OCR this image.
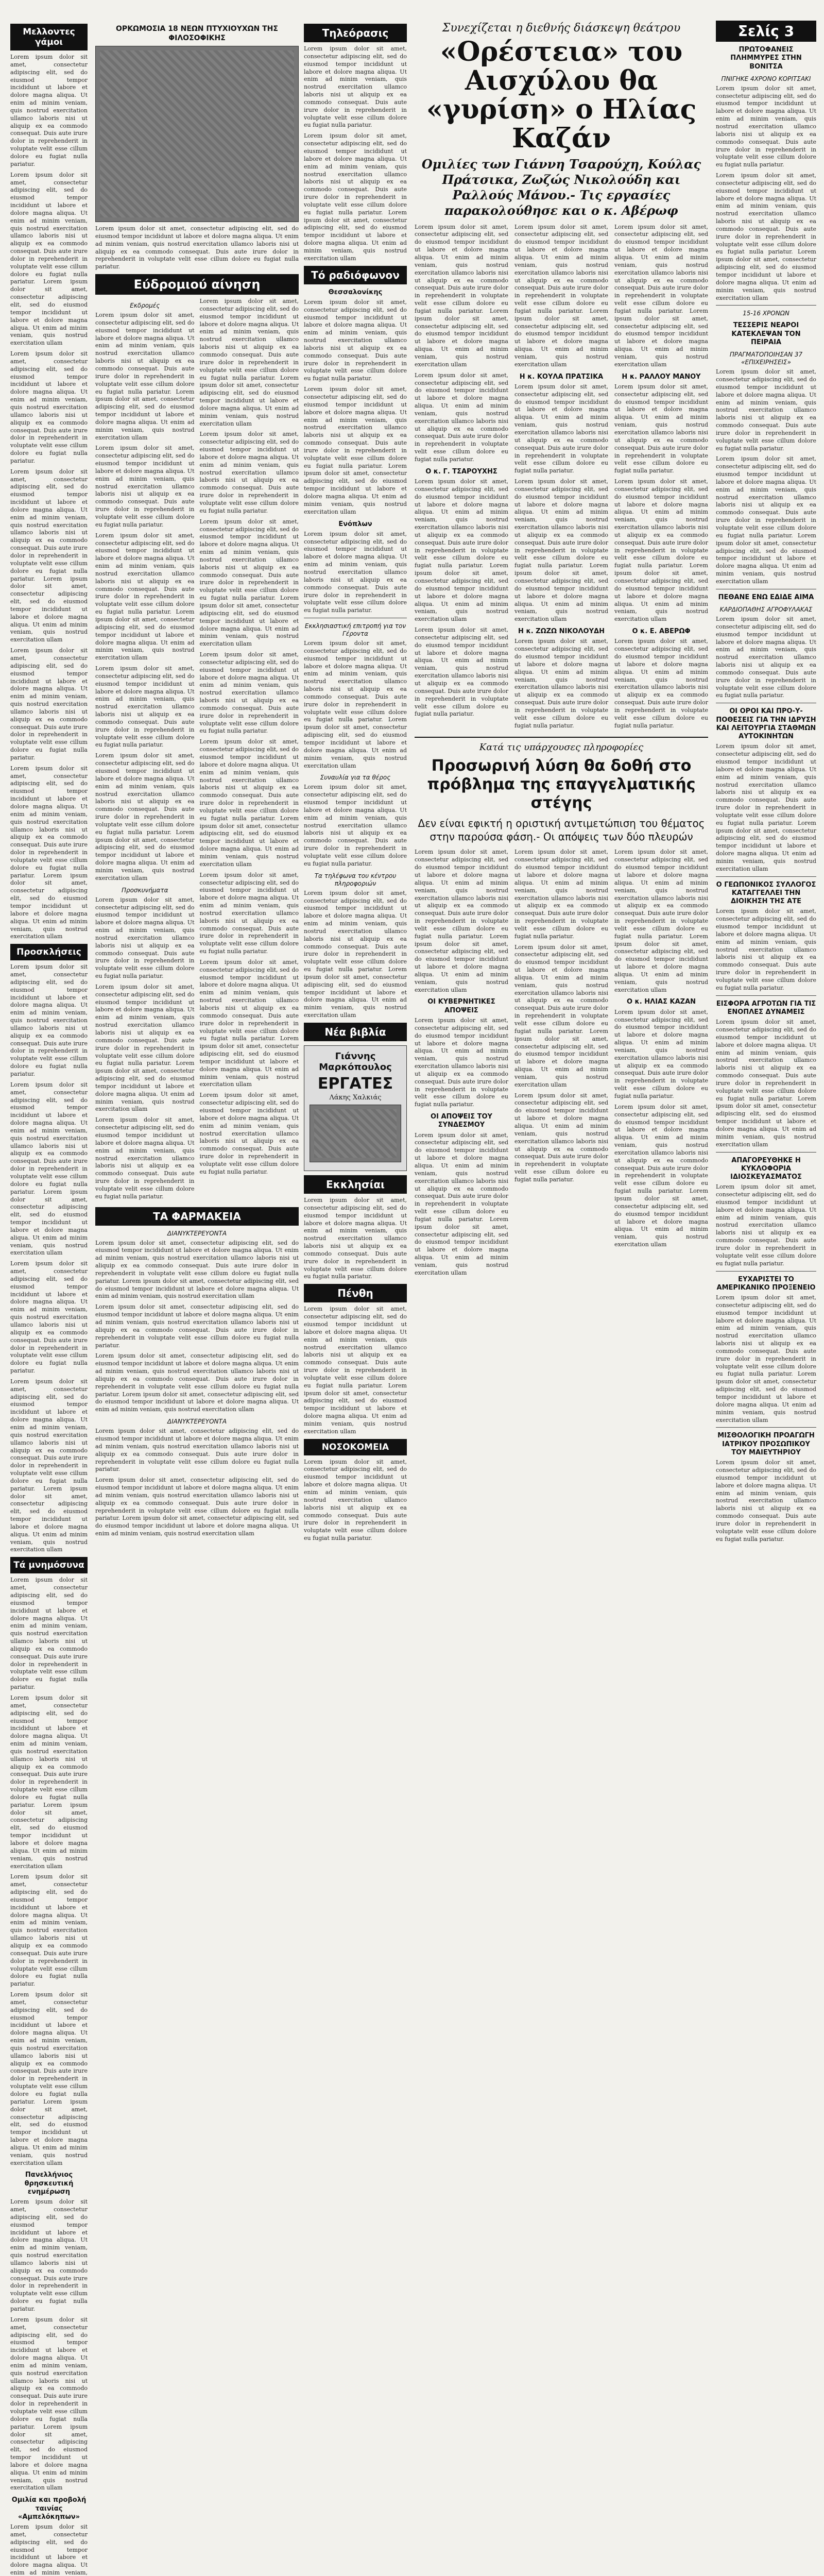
Μελλοντες γάμοι

Lorem ipsum dolor sit amet, consectetur adipiscing elit, sed do eiusmod tempor incididunt ut labore et dolore magna aliqua. Ut enim ad minim veniam, quis nostrud exercitation ullamco laboris nisi ut aliquip ex ea commodo consequat. Duis aute irure dolor in reprehenderit in voluptate velit esse cillum dolore eu fugiat nulla pariatur.

Lorem ipsum dolor sit amet, consectetur adipiscing elit, sed do eiusmod tempor incididunt ut labore et dolore magna aliqua. Ut enim ad minim veniam, quis nostrud exercitation ullamco laboris nisi ut aliquip ex ea commodo consequat. Duis aute irure dolor in reprehenderit in voluptate velit esse cillum dolore eu fugiat nulla pariatur. Lorem ipsum dolor sit amet, consectetur adipiscing elit, sed do eiusmod tempor incididunt ut labore et dolore magna aliqua. Ut enim ad minim veniam, quis nostrud exercitation ullam

Lorem ipsum dolor sit amet, consectetur adipiscing elit, sed do eiusmod tempor incididunt ut labore et dolore magna aliqua. Ut enim ad minim veniam, quis nostrud exercitation ullamco laboris nisi ut aliquip ex ea commodo consequat. Duis aute irure dolor in reprehenderit in voluptate velit esse cillum dolore eu fugiat nulla pariatur.

Lorem ipsum dolor sit amet, consectetur adipiscing elit, sed do eiusmod tempor incididunt ut labore et dolore magna aliqua. Ut enim ad minim veniam, quis nostrud exercitation ullamco laboris nisi ut aliquip ex ea commodo consequat. Duis aute irure dolor in reprehenderit in voluptate velit esse cillum dolore eu fugiat nulla pariatur. Lorem ipsum dolor sit amet, consectetur adipiscing elit, sed do eiusmod tempor incididunt ut labore et dolore magna aliqua. Ut enim ad minim veniam, quis nostrud exercitation ullam

Lorem ipsum dolor sit amet, consectetur adipiscing elit, sed do eiusmod tempor incididunt ut labore et dolore magna aliqua. Ut enim ad minim veniam, quis nostrud exercitation ullamco laboris nisi ut aliquip ex ea commodo consequat. Duis aute irure dolor in reprehenderit in voluptate velit esse cillum dolore eu fugiat nulla pariatur.

Lorem ipsum dolor sit amet, consectetur adipiscing elit, sed do eiusmod tempor incididunt ut labore et dolore magna aliqua. Ut enim ad minim veniam, quis nostrud exercitation ullamco laboris nisi ut aliquip ex ea commodo consequat. Duis aute irure dolor in reprehenderit in voluptate velit esse cillum dolore eu fugiat nulla pariatur. Lorem ipsum dolor sit amet, consectetur adipiscing elit, sed do eiusmod tempor incididunt ut labore et dolore magna aliqua. Ut enim ad minim veniam, quis nostrud exercitation ullam

Προσκλήσεις

Lorem ipsum dolor sit amet, consectetur adipiscing elit, sed do eiusmod tempor incididunt ut labore et dolore magna aliqua. Ut enim ad minim veniam, quis nostrud exercitation ullamco laboris nisi ut aliquip ex ea commodo consequat. Duis aute irure dolor in reprehenderit in voluptate velit esse cillum dolore eu fugiat nulla pariatur.

Lorem ipsum dolor sit amet, consectetur adipiscing elit, sed do eiusmod tempor incididunt ut labore et dolore magna aliqua. Ut enim ad minim veniam, quis nostrud exercitation ullamco laboris nisi ut aliquip ex ea commodo consequat. Duis aute irure dolor in reprehenderit in voluptate velit esse cillum dolore eu fugiat nulla pariatur. Lorem ipsum dolor sit amet, consectetur adipiscing elit, sed do eiusmod tempor incididunt ut labore et dolore magna aliqua. Ut enim ad minim veniam, quis nostrud exercitation ullam

Lorem ipsum dolor sit amet, consectetur adipiscing elit, sed do eiusmod tempor incididunt ut labore et dolore magna aliqua. Ut enim ad minim veniam, quis nostrud exercitation ullamco laboris nisi ut aliquip ex ea commodo consequat. Duis aute irure dolor in reprehenderit in voluptate velit esse cillum dolore eu fugiat nulla pariatur.

Lorem ipsum dolor sit amet, consectetur adipiscing elit, sed do eiusmod tempor incididunt ut labore et dolore magna aliqua. Ut enim ad minim veniam, quis nostrud exercitation ullamco laboris nisi ut aliquip ex ea commodo consequat. Duis aute irure dolor in reprehenderit in voluptate velit esse cillum dolore eu fugiat nulla pariatur. Lorem ipsum dolor sit amet, consectetur adipiscing elit, sed do eiusmod tempor incididunt ut labore et dolore magna aliqua. Ut enim ad minim veniam, quis nostrud exercitation ullam

Τά μνημόσυνα

Lorem ipsum dolor sit amet, consectetur adipiscing elit, sed do eiusmod tempor incididunt ut labore et dolore magna aliqua. Ut enim ad minim veniam, quis nostrud exercitation ullamco laboris nisi ut aliquip ex ea commodo consequat. Duis aute irure dolor in reprehenderit in voluptate velit esse cillum dolore eu fugiat nulla pariatur.

Lorem ipsum dolor sit amet, consectetur adipiscing elit, sed do eiusmod tempor incididunt ut labore et dolore magna aliqua. Ut enim ad minim veniam, quis nostrud exercitation ullamco laboris nisi ut aliquip ex ea commodo consequat. Duis aute irure dolor in reprehenderit in voluptate velit esse cillum dolore eu fugiat nulla pariatur. Lorem ipsum dolor sit amet, consectetur adipiscing elit, sed do eiusmod tempor incididunt ut labore et dolore magna aliqua. Ut enim ad minim veniam, quis nostrud exercitation ullam

Lorem ipsum dolor sit amet, consectetur adipiscing elit, sed do eiusmod tempor incididunt ut labore et dolore magna aliqua. Ut enim ad minim veniam, quis nostrud exercitation ullamco laboris nisi ut aliquip ex ea commodo consequat. Duis aute irure dolor in reprehenderit in voluptate velit esse cillum dolore eu fugiat nulla pariatur.

Lorem ipsum dolor sit amet, consectetur adipiscing elit, sed do eiusmod tempor incididunt ut labore et dolore magna aliqua. Ut enim ad minim veniam, quis nostrud exercitation ullamco laboris nisi ut aliquip ex ea commodo consequat. Duis aute irure dolor in reprehenderit in voluptate velit esse cillum dolore eu fugiat nulla pariatur. Lorem ipsum dolor sit amet, consectetur adipiscing elit, sed do eiusmod tempor incididunt ut labore et dolore magna aliqua. Ut enim ad minim veniam, quis nostrud exercitation ullam

Πανελλήνιος θρησκευτική ενημέρωση

Lorem ipsum dolor sit amet, consectetur adipiscing elit, sed do eiusmod tempor incididunt ut labore et dolore magna aliqua. Ut enim ad minim veniam, quis nostrud exercitation ullamco laboris nisi ut aliquip ex ea commodo consequat. Duis aute irure dolor in reprehenderit in voluptate velit esse cillum dolore eu fugiat nulla pariatur.

Lorem ipsum dolor sit amet, consectetur adipiscing elit, sed do eiusmod tempor incididunt ut labore et dolore magna aliqua. Ut enim ad minim veniam, quis nostrud exercitation ullamco laboris nisi ut aliquip ex ea commodo consequat. Duis aute irure dolor in reprehenderit in voluptate velit esse cillum dolore eu fugiat nulla pariatur. Lorem ipsum dolor sit amet, consectetur adipiscing elit, sed do eiusmod tempor incididunt ut labore et dolore magna aliqua. Ut enim ad minim veniam, quis nostrud exercitation ullam

Ομιλία και προβολή ταινίας «Αμπελόκηπων»

Lorem ipsum dolor sit amet, consectetur adipiscing elit, sed do eiusmod tempor incididunt ut labore et dolore magna aliqua. Ut enim ad minim veniam,

ΟΡΚΩΜΟΣΙΑ 18 ΝΕΩΝ ΠΤΥΧΙΟΥΧΩΝ ΤΗΣ ΦΙΛΟΣΟΦΙΚΗΣ

Lorem ipsum dolor sit amet, consectetur adipiscing elit, sed do eiusmod tempor incididunt ut labore et dolore magna aliqua. Ut enim ad minim veniam, quis nostrud exercitation ullamco laboris nisi ut aliquip ex ea commodo consequat. Duis aute irure dolor in reprehenderit in voluptate velit esse cillum dolore eu fugiat nulla pariatur.

Εύδρομιού αίνηση
Εκδρομές

Lorem ipsum dolor sit amet, consectetur adipiscing elit, sed do eiusmod tempor incididunt ut labore et dolore magna aliqua. Ut enim ad minim veniam, quis nostrud exercitation ullamco laboris nisi ut aliquip ex ea commodo consequat. Duis aute irure dolor in reprehenderit in voluptate velit esse cillum dolore eu fugiat nulla pariatur. Lorem ipsum dolor sit amet, consectetur adipiscing elit, sed do eiusmod tempor incididunt ut labore et dolore magna aliqua. Ut enim ad minim veniam, quis nostrud exercitation ullam

Lorem ipsum dolor sit amet, consectetur adipiscing elit, sed do eiusmod tempor incididunt ut labore et dolore magna aliqua. Ut enim ad minim veniam, quis nostrud exercitation ullamco laboris nisi ut aliquip ex ea commodo consequat. Duis aute irure dolor in reprehenderit in voluptate velit esse cillum dolore eu fugiat nulla pariatur.

Lorem ipsum dolor sit amet, consectetur adipiscing elit, sed do eiusmod tempor incididunt ut labore et dolore magna aliqua. Ut enim ad minim veniam, quis nostrud exercitation ullamco laboris nisi ut aliquip ex ea commodo consequat. Duis aute irure dolor in reprehenderit in voluptate velit esse cillum dolore eu fugiat nulla pariatur. Lorem ipsum dolor sit amet, consectetur adipiscing elit, sed do eiusmod tempor incididunt ut labore et dolore magna aliqua. Ut enim ad minim veniam, quis nostrud exercitation ullam

Lorem ipsum dolor sit amet, consectetur adipiscing elit, sed do eiusmod tempor incididunt ut labore et dolore magna aliqua. Ut enim ad minim veniam, quis nostrud exercitation ullamco laboris nisi ut aliquip ex ea commodo consequat. Duis aute irure dolor in reprehenderit in voluptate velit esse cillum dolore eu fugiat nulla pariatur.

Lorem ipsum dolor sit amet, consectetur adipiscing elit, sed do eiusmod tempor incididunt ut labore et dolore magna aliqua. Ut enim ad minim veniam, quis nostrud exercitation ullamco laboris nisi ut aliquip ex ea commodo consequat. Duis aute irure dolor in reprehenderit in voluptate velit esse cillum dolore eu fugiat nulla pariatur. Lorem ipsum dolor sit amet, consectetur adipiscing elit, sed do eiusmod tempor incididunt ut labore et dolore magna aliqua. Ut enim ad minim veniam, quis nostrud exercitation ullam

Προσκυνήματα

Lorem ipsum dolor sit amet, consectetur adipiscing elit, sed do eiusmod tempor incididunt ut labore et dolore magna aliqua. Ut enim ad minim veniam, quis nostrud exercitation ullamco laboris nisi ut aliquip ex ea commodo consequat. Duis aute irure dolor in reprehenderit in voluptate velit esse cillum dolore eu fugiat nulla pariatur.

Lorem ipsum dolor sit amet, consectetur adipiscing elit, sed do eiusmod tempor incididunt ut labore et dolore magna aliqua. Ut enim ad minim veniam, quis nostrud exercitation ullamco laboris nisi ut aliquip ex ea commodo consequat. Duis aute irure dolor in reprehenderit in voluptate velit esse cillum dolore eu fugiat nulla pariatur. Lorem ipsum dolor sit amet, consectetur adipiscing elit, sed do eiusmod tempor incididunt ut labore et dolore magna aliqua. Ut enim ad minim veniam, quis nostrud exercitation ullam

Lorem ipsum dolor sit amet, consectetur adipiscing elit, sed do eiusmod tempor incididunt ut labore et dolore magna aliqua. Ut enim ad minim veniam, quis nostrud exercitation ullamco laboris nisi ut aliquip ex ea commodo consequat. Duis aute irure dolor in reprehenderit in voluptate velit esse cillum dolore eu fugiat nulla pariatur.

Lorem ipsum dolor sit amet, consectetur adipiscing elit, sed do eiusmod tempor incididunt ut labore et dolore magna aliqua. Ut enim ad minim veniam, quis nostrud exercitation ullamco laboris nisi ut aliquip ex ea commodo consequat. Duis aute irure dolor in reprehenderit in voluptate velit esse cillum dolore eu fugiat nulla pariatur. Lorem ipsum dolor sit amet, consectetur adipiscing elit, sed do eiusmod tempor incididunt ut labore et dolore magna aliqua. Ut enim ad minim veniam, quis nostrud exercitation ullam

Lorem ipsum dolor sit amet, consectetur adipiscing elit, sed do eiusmod tempor incididunt ut labore et dolore magna aliqua. Ut enim ad minim veniam, quis nostrud exercitation ullamco laboris nisi ut aliquip ex ea commodo consequat. Duis aute irure dolor in reprehenderit in voluptate velit esse cillum dolore eu fugiat nulla pariatur.

Lorem ipsum dolor sit amet, consectetur adipiscing elit, sed do eiusmod tempor incididunt ut labore et dolore magna aliqua. Ut enim ad minim veniam, quis nostrud exercitation ullamco laboris nisi ut aliquip ex ea commodo consequat. Duis aute irure dolor in reprehenderit in voluptate velit esse cillum dolore eu fugiat nulla pariatur. Lorem ipsum dolor sit amet, consectetur adipiscing elit, sed do eiusmod tempor incididunt ut labore et dolore magna aliqua. Ut enim ad minim veniam, quis nostrud exercitation ullam

Lorem ipsum dolor sit amet, consectetur adipiscing elit, sed do eiusmod tempor incididunt ut labore et dolore magna aliqua. Ut enim ad minim veniam, quis nostrud exercitation ullamco laboris nisi ut aliquip ex ea commodo consequat. Duis aute irure dolor in reprehenderit in voluptate velit esse cillum dolore eu fugiat nulla pariatur.

Lorem ipsum dolor sit amet, consectetur adipiscing elit, sed do eiusmod tempor incididunt ut labore et dolore magna aliqua. Ut enim ad minim veniam, quis nostrud exercitation ullamco laboris nisi ut aliquip ex ea commodo consequat. Duis aute irure dolor in reprehenderit in voluptate velit esse cillum dolore eu fugiat nulla pariatur. Lorem ipsum dolor sit amet, consectetur adipiscing elit, sed do eiusmod tempor incididunt ut labore et dolore magna aliqua. Ut enim ad minim veniam, quis nostrud exercitation ullam

Lorem ipsum dolor sit amet, consectetur adipiscing elit, sed do eiusmod tempor incididunt ut labore et dolore magna aliqua. Ut enim ad minim veniam, quis nostrud exercitation ullamco laboris nisi ut aliquip ex ea commodo consequat. Duis aute irure dolor in reprehenderit in voluptate velit esse cillum dolore eu fugiat nulla pariatur.

Lorem ipsum dolor sit amet, consectetur adipiscing elit, sed do eiusmod tempor incididunt ut labore et dolore magna aliqua. Ut enim ad minim veniam, quis nostrud exercitation ullamco laboris nisi ut aliquip ex ea commodo consequat. Duis aute irure dolor in reprehenderit in voluptate velit esse cillum dolore eu fugiat nulla pariatur. Lorem ipsum dolor sit amet, consectetur adipiscing elit, sed do eiusmod tempor incididunt ut labore et dolore magna aliqua. Ut enim ad minim veniam, quis nostrud exercitation ullam

Lorem ipsum dolor sit amet, consectetur adipiscing elit, sed do eiusmod tempor incididunt ut labore et dolore magna aliqua. Ut enim ad minim veniam, quis nostrud exercitation ullamco laboris nisi ut aliquip ex ea commodo consequat. Duis aute irure dolor in reprehenderit in voluptate velit esse cillum dolore eu fugiat nulla pariatur.

ΤΑ ΦΑΡΜΑΚΕΙΑ
ΔΙΑΝΥΚΤΕΡΕΥΟΝΤΑ

Lorem ipsum dolor sit amet, consectetur adipiscing elit, sed do eiusmod tempor incididunt ut labore et dolore magna aliqua. Ut enim ad minim veniam, quis nostrud exercitation ullamco laboris nisi ut aliquip ex ea commodo consequat. Duis aute irure dolor in reprehenderit in voluptate velit esse cillum dolore eu fugiat nulla pariatur. Lorem ipsum dolor sit amet, consectetur adipiscing elit, sed do eiusmod tempor incididunt ut labore et dolore magna aliqua. Ut enim ad minim veniam, quis nostrud exercitation ullam

Lorem ipsum dolor sit amet, consectetur adipiscing elit, sed do eiusmod tempor incididunt ut labore et dolore magna aliqua. Ut enim ad minim veniam, quis nostrud exercitation ullamco laboris nisi ut aliquip ex ea commodo consequat. Duis aute irure dolor in reprehenderit in voluptate velit esse cillum dolore eu fugiat nulla pariatur.

Lorem ipsum dolor sit amet, consectetur adipiscing elit, sed do eiusmod tempor incididunt ut labore et dolore magna aliqua. Ut enim ad minim veniam, quis nostrud exercitation ullamco laboris nisi ut aliquip ex ea commodo consequat. Duis aute irure dolor in reprehenderit in voluptate velit esse cillum dolore eu fugiat nulla pariatur. Lorem ipsum dolor sit amet, consectetur adipiscing elit, sed do eiusmod tempor incididunt ut labore et dolore magna aliqua. Ut enim ad minim veniam, quis nostrud exercitation ullam

ΔΙΑΝΥΚΤΕΡΕΥΟΝΤΑ

Lorem ipsum dolor sit amet, consectetur adipiscing elit, sed do eiusmod tempor incididunt ut labore et dolore magna aliqua. Ut enim ad minim veniam, quis nostrud exercitation ullamco laboris nisi ut aliquip ex ea commodo consequat. Duis aute irure dolor in reprehenderit in voluptate velit esse cillum dolore eu fugiat nulla pariatur.

Lorem ipsum dolor sit amet, consectetur adipiscing elit, sed do eiusmod tempor incididunt ut labore et dolore magna aliqua. Ut enim ad minim veniam, quis nostrud exercitation ullamco laboris nisi ut aliquip ex ea commodo consequat. Duis aute irure dolor in reprehenderit in voluptate velit esse cillum dolore eu fugiat nulla pariatur. Lorem ipsum dolor sit amet, consectetur adipiscing elit, sed do eiusmod tempor incididunt ut labore et dolore magna aliqua. Ut enim ad minim veniam, quis nostrud exercitation ullam

Τηλεόρασις

Lorem ipsum dolor sit amet, consectetur adipiscing elit, sed do eiusmod tempor incididunt ut labore et dolore magna aliqua. Ut enim ad minim veniam, quis nostrud exercitation ullamco laboris nisi ut aliquip ex ea commodo consequat. Duis aute irure dolor in reprehenderit in voluptate velit esse cillum dolore eu fugiat nulla pariatur.

Lorem ipsum dolor sit amet, consectetur adipiscing elit, sed do eiusmod tempor incididunt ut labore et dolore magna aliqua. Ut enim ad minim veniam, quis nostrud exercitation ullamco laboris nisi ut aliquip ex ea commodo consequat. Duis aute irure dolor in reprehenderit in voluptate velit esse cillum dolore eu fugiat nulla pariatur. Lorem ipsum dolor sit amet, consectetur adipiscing elit, sed do eiusmod tempor incididunt ut labore et dolore magna aliqua. Ut enim ad minim veniam, quis nostrud exercitation ullam

Τό ραδιόφωνον
Θεσσαλονίκης

Lorem ipsum dolor sit amet, consectetur adipiscing elit, sed do eiusmod tempor incididunt ut labore et dolore magna aliqua. Ut enim ad minim veniam, quis nostrud exercitation ullamco laboris nisi ut aliquip ex ea commodo consequat. Duis aute irure dolor in reprehenderit in voluptate velit esse cillum dolore eu fugiat nulla pariatur.

Lorem ipsum dolor sit amet, consectetur adipiscing elit, sed do eiusmod tempor incididunt ut labore et dolore magna aliqua. Ut enim ad minim veniam, quis nostrud exercitation ullamco laboris nisi ut aliquip ex ea commodo consequat. Duis aute irure dolor in reprehenderit in voluptate velit esse cillum dolore eu fugiat nulla pariatur. Lorem ipsum dolor sit amet, consectetur adipiscing elit, sed do eiusmod tempor incididunt ut labore et dolore magna aliqua. Ut enim ad minim veniam, quis nostrud exercitation ullam

Ενόπλων

Lorem ipsum dolor sit amet, consectetur adipiscing elit, sed do eiusmod tempor incididunt ut labore et dolore magna aliqua. Ut enim ad minim veniam, quis nostrud exercitation ullamco laboris nisi ut aliquip ex ea commodo consequat. Duis aute irure dolor in reprehenderit in voluptate velit esse cillum dolore eu fugiat nulla pariatur.

Εκκλησιαστική επιτροπή για τον Γέροντα

Lorem ipsum dolor sit amet, consectetur adipiscing elit, sed do eiusmod tempor incididunt ut labore et dolore magna aliqua. Ut enim ad minim veniam, quis nostrud exercitation ullamco laboris nisi ut aliquip ex ea commodo consequat. Duis aute irure dolor in reprehenderit in voluptate velit esse cillum dolore eu fugiat nulla pariatur. Lorem ipsum dolor sit amet, consectetur adipiscing elit, sed do eiusmod tempor incididunt ut labore et dolore magna aliqua. Ut enim ad minim veniam, quis nostrud exercitation ullam

Συναυλία για τα θέρος

Lorem ipsum dolor sit amet, consectetur adipiscing elit, sed do eiusmod tempor incididunt ut labore et dolore magna aliqua. Ut enim ad minim veniam, quis nostrud exercitation ullamco laboris nisi ut aliquip ex ea commodo consequat. Duis aute irure dolor in reprehenderit in voluptate velit esse cillum dolore eu fugiat nulla pariatur.

Τα τηλέφωνα του κέντρου πληροφοριών

Lorem ipsum dolor sit amet, consectetur adipiscing elit, sed do eiusmod tempor incididunt ut labore et dolore magna aliqua. Ut enim ad minim veniam, quis nostrud exercitation ullamco laboris nisi ut aliquip ex ea commodo consequat. Duis aute irure dolor in reprehenderit in voluptate velit esse cillum dolore eu fugiat nulla pariatur. Lorem ipsum dolor sit amet, consectetur adipiscing elit, sed do eiusmod tempor incididunt ut labore et dolore magna aliqua. Ut enim ad minim veniam, quis nostrud exercitation ullam

Νέα βιβλία
Γιάννης Μαρκόπουλος
ΕΡΓΑΤΕΣ
Λάκης Χαλκιάς
Εκκλησίαι

Lorem ipsum dolor sit amet, consectetur adipiscing elit, sed do eiusmod tempor incididunt ut labore et dolore magna aliqua. Ut enim ad minim veniam, quis nostrud exercitation ullamco laboris nisi ut aliquip ex ea commodo consequat. Duis aute irure dolor in reprehenderit in voluptate velit esse cillum dolore eu fugiat nulla pariatur.

Πένθη

Lorem ipsum dolor sit amet, consectetur adipiscing elit, sed do eiusmod tempor incididunt ut labore et dolore magna aliqua. Ut enim ad minim veniam, quis nostrud exercitation ullamco laboris nisi ut aliquip ex ea commodo consequat. Duis aute irure dolor in reprehenderit in voluptate velit esse cillum dolore eu fugiat nulla pariatur. Lorem ipsum dolor sit amet, consectetur adipiscing elit, sed do eiusmod tempor incididunt ut labore et dolore magna aliqua. Ut enim ad minim veniam, quis nostrud exercitation ullam

ΝΟΣΟΚΟΜΕΙΑ

Lorem ipsum dolor sit amet, consectetur adipiscing elit, sed do eiusmod tempor incididunt ut labore et dolore magna aliqua. Ut enim ad minim veniam, quis nostrud exercitation ullamco laboris nisi ut aliquip ex ea commodo consequat. Duis aute irure dolor in reprehenderit in voluptate velit esse cillum dolore eu fugiat nulla pariatur.

Συνεχίζεται η διεθνής διάσκεψη θεάτρου
«Ορέστεια» του Αισχύλου θα «γυρίση» ο Ηλίας Καζάν
Ομιλίες των Γιάννη Τσαρούχη, Κούλας Πράτσικα, Ζωζώς Νικολούδη και Ραλλούς Μάνου.- Τις εργασίες παρακολούθησε και ο κ. Αβέρωφ

Lorem ipsum dolor sit amet, consectetur adipiscing elit, sed do eiusmod tempor incididunt ut labore et dolore magna aliqua. Ut enim ad minim veniam, quis nostrud exercitation ullamco laboris nisi ut aliquip ex ea commodo consequat. Duis aute irure dolor in reprehenderit in voluptate velit esse cillum dolore eu fugiat nulla pariatur. Lorem ipsum dolor sit amet, consectetur adipiscing elit, sed do eiusmod tempor incididunt ut labore et dolore magna aliqua. Ut enim ad minim veniam, quis nostrud exercitation ullam

Lorem ipsum dolor sit amet, consectetur adipiscing elit, sed do eiusmod tempor incididunt ut labore et dolore magna aliqua. Ut enim ad minim veniam, quis nostrud exercitation ullamco laboris nisi ut aliquip ex ea commodo consequat. Duis aute irure dolor in reprehenderit in voluptate velit esse cillum dolore eu fugiat nulla pariatur.

Ο κ. Γ. ΤΣΑΡΟΥΧΗΣ

Lorem ipsum dolor sit amet, consectetur adipiscing elit, sed do eiusmod tempor incididunt ut labore et dolore magna aliqua. Ut enim ad minim veniam, quis nostrud exercitation ullamco laboris nisi ut aliquip ex ea commodo consequat. Duis aute irure dolor in reprehenderit in voluptate velit esse cillum dolore eu fugiat nulla pariatur. Lorem ipsum dolor sit amet, consectetur adipiscing elit, sed do eiusmod tempor incididunt ut labore et dolore magna aliqua. Ut enim ad minim veniam, quis nostrud exercitation ullam

Lorem ipsum dolor sit amet, consectetur adipiscing elit, sed do eiusmod tempor incididunt ut labore et dolore magna aliqua. Ut enim ad minim veniam, quis nostrud exercitation ullamco laboris nisi ut aliquip ex ea commodo consequat. Duis aute irure dolor in reprehenderit in voluptate velit esse cillum dolore eu fugiat nulla pariatur.

Lorem ipsum dolor sit amet, consectetur adipiscing elit, sed do eiusmod tempor incididunt ut labore et dolore magna aliqua. Ut enim ad minim veniam, quis nostrud exercitation ullamco laboris nisi ut aliquip ex ea commodo consequat. Duis aute irure dolor in reprehenderit in voluptate velit esse cillum dolore eu fugiat nulla pariatur. Lorem ipsum dolor sit amet, consectetur adipiscing elit, sed do eiusmod tempor incididunt ut labore et dolore magna aliqua. Ut enim ad minim veniam, quis nostrud exercitation ullam

Η κ. ΚΟΥΛΑ ΠΡΑΤΣΙΚΑ

Lorem ipsum dolor sit amet, consectetur adipiscing elit, sed do eiusmod tempor incididunt ut labore et dolore magna aliqua. Ut enim ad minim veniam, quis nostrud exercitation ullamco laboris nisi ut aliquip ex ea commodo consequat. Duis aute irure dolor in reprehenderit in voluptate velit esse cillum dolore eu fugiat nulla pariatur.

Lorem ipsum dolor sit amet, consectetur adipiscing elit, sed do eiusmod tempor incididunt ut labore et dolore magna aliqua. Ut enim ad minim veniam, quis nostrud exercitation ullamco laboris nisi ut aliquip ex ea commodo consequat. Duis aute irure dolor in reprehenderit in voluptate velit esse cillum dolore eu fugiat nulla pariatur. Lorem ipsum dolor sit amet, consectetur adipiscing elit, sed do eiusmod tempor incididunt ut labore et dolore magna aliqua. Ut enim ad minim veniam, quis nostrud exercitation ullam

Η κ. ΖΩΖΩ ΝΙΚΟΛΟΥΔΗ

Lorem ipsum dolor sit amet, consectetur adipiscing elit, sed do eiusmod tempor incididunt ut labore et dolore magna aliqua. Ut enim ad minim veniam, quis nostrud exercitation ullamco laboris nisi ut aliquip ex ea commodo consequat. Duis aute irure dolor in reprehenderit in voluptate velit esse cillum dolore eu fugiat nulla pariatur.

Lorem ipsum dolor sit amet, consectetur adipiscing elit, sed do eiusmod tempor incididunt ut labore et dolore magna aliqua. Ut enim ad minim veniam, quis nostrud exercitation ullamco laboris nisi ut aliquip ex ea commodo consequat. Duis aute irure dolor in reprehenderit in voluptate velit esse cillum dolore eu fugiat nulla pariatur. Lorem ipsum dolor sit amet, consectetur adipiscing elit, sed do eiusmod tempor incididunt ut labore et dolore magna aliqua. Ut enim ad minim veniam, quis nostrud exercitation ullam

Η κ. ΡΑΛΛΟΥ ΜΑΝΟΥ

Lorem ipsum dolor sit amet, consectetur adipiscing elit, sed do eiusmod tempor incididunt ut labore et dolore magna aliqua. Ut enim ad minim veniam, quis nostrud exercitation ullamco laboris nisi ut aliquip ex ea commodo consequat. Duis aute irure dolor in reprehenderit in voluptate velit esse cillum dolore eu fugiat nulla pariatur.

Lorem ipsum dolor sit amet, consectetur adipiscing elit, sed do eiusmod tempor incididunt ut labore et dolore magna aliqua. Ut enim ad minim veniam, quis nostrud exercitation ullamco laboris nisi ut aliquip ex ea commodo consequat. Duis aute irure dolor in reprehenderit in voluptate velit esse cillum dolore eu fugiat nulla pariatur. Lorem ipsum dolor sit amet, consectetur adipiscing elit, sed do eiusmod tempor incididunt ut labore et dolore magna aliqua. Ut enim ad minim veniam, quis nostrud exercitation ullam

Ο κ. Ε. ΑΒΕΡΩΦ

Lorem ipsum dolor sit amet, consectetur adipiscing elit, sed do eiusmod tempor incididunt ut labore et dolore magna aliqua. Ut enim ad minim veniam, quis nostrud exercitation ullamco laboris nisi ut aliquip ex ea commodo consequat. Duis aute irure dolor in reprehenderit in voluptate velit esse cillum dolore eu fugiat nulla pariatur.

Κατά τις υπάρχουσες πληροφορίες
Προσωρινή λύση θα δοθή στο πρόβλημα της επαγγελματικής στέγης
Δεν είναι εφικτή η οριστική αντιμετώπιση του θέματος στην παρούσα φάση.- Οι απόψεις των δύο πλευρών

Lorem ipsum dolor sit amet, consectetur adipiscing elit, sed do eiusmod tempor incididunt ut labore et dolore magna aliqua. Ut enim ad minim veniam, quis nostrud exercitation ullamco laboris nisi ut aliquip ex ea commodo consequat. Duis aute irure dolor in reprehenderit in voluptate velit esse cillum dolore eu fugiat nulla pariatur. Lorem ipsum dolor sit amet, consectetur adipiscing elit, sed do eiusmod tempor incididunt ut labore et dolore magna aliqua. Ut enim ad minim veniam, quis nostrud exercitation ullam

ΟΙ ΚΥΒΕΡΝΗΤΙΚΕΣ ΑΠΟΨΕΙΣ

Lorem ipsum dolor sit amet, consectetur adipiscing elit, sed do eiusmod tempor incididunt ut labore et dolore magna aliqua. Ut enim ad minim veniam, quis nostrud exercitation ullamco laboris nisi ut aliquip ex ea commodo consequat. Duis aute irure dolor in reprehenderit in voluptate velit esse cillum dolore eu fugiat nulla pariatur.

ΟΙ ΑΠΟΨΕΙΣ ΤΟΥ ΣΥΝΔΕΣΜΟΥ

Lorem ipsum dolor sit amet, consectetur adipiscing elit, sed do eiusmod tempor incididunt ut labore et dolore magna aliqua. Ut enim ad minim veniam, quis nostrud exercitation ullamco laboris nisi ut aliquip ex ea commodo consequat. Duis aute irure dolor in reprehenderit in voluptate velit esse cillum dolore eu fugiat nulla pariatur. Lorem ipsum dolor sit amet, consectetur adipiscing elit, sed do eiusmod tempor incididunt ut labore et dolore magna aliqua. Ut enim ad minim veniam, quis nostrud exercitation ullam

Lorem ipsum dolor sit amet, consectetur adipiscing elit, sed do eiusmod tempor incididunt ut labore et dolore magna aliqua. Ut enim ad minim veniam, quis nostrud exercitation ullamco laboris nisi ut aliquip ex ea commodo consequat. Duis aute irure dolor in reprehenderit in voluptate velit esse cillum dolore eu fugiat nulla pariatur.

Lorem ipsum dolor sit amet, consectetur adipiscing elit, sed do eiusmod tempor incididunt ut labore et dolore magna aliqua. Ut enim ad minim veniam, quis nostrud exercitation ullamco laboris nisi ut aliquip ex ea commodo consequat. Duis aute irure dolor in reprehenderit in voluptate velit esse cillum dolore eu fugiat nulla pariatur. Lorem ipsum dolor sit amet, consectetur adipiscing elit, sed do eiusmod tempor incididunt ut labore et dolore magna aliqua. Ut enim ad minim veniam, quis nostrud exercitation ullam

Lorem ipsum dolor sit amet, consectetur adipiscing elit, sed do eiusmod tempor incididunt ut labore et dolore magna aliqua. Ut enim ad minim veniam, quis nostrud exercitation ullamco laboris nisi ut aliquip ex ea commodo consequat. Duis aute irure dolor in reprehenderit in voluptate velit esse cillum dolore eu fugiat nulla pariatur.

Lorem ipsum dolor sit amet, consectetur adipiscing elit, sed do eiusmod tempor incididunt ut labore et dolore magna aliqua. Ut enim ad minim veniam, quis nostrud exercitation ullamco laboris nisi ut aliquip ex ea commodo consequat. Duis aute irure dolor in reprehenderit in voluptate velit esse cillum dolore eu fugiat nulla pariatur. Lorem ipsum dolor sit amet, consectetur adipiscing elit, sed do eiusmod tempor incididunt ut labore et dolore magna aliqua. Ut enim ad minim veniam, quis nostrud exercitation ullam

Ο κ. ΗΛΙΑΣ ΚΑΖΑΝ

Lorem ipsum dolor sit amet, consectetur adipiscing elit, sed do eiusmod tempor incididunt ut labore et dolore magna aliqua. Ut enim ad minim veniam, quis nostrud exercitation ullamco laboris nisi ut aliquip ex ea commodo consequat. Duis aute irure dolor in reprehenderit in voluptate velit esse cillum dolore eu fugiat nulla pariatur.

Lorem ipsum dolor sit amet, consectetur adipiscing elit, sed do eiusmod tempor incididunt ut labore et dolore magna aliqua. Ut enim ad minim veniam, quis nostrud exercitation ullamco laboris nisi ut aliquip ex ea commodo consequat. Duis aute irure dolor in reprehenderit in voluptate velit esse cillum dolore eu fugiat nulla pariatur. Lorem ipsum dolor sit amet, consectetur adipiscing elit, sed do eiusmod tempor incididunt ut labore et dolore magna aliqua. Ut enim ad minim veniam, quis nostrud exercitation ullam

Σελίς 3
ΠΡΩΤΟΦΑΝΕΙΣ ΠΛΗΜΜΥΡΕΣ ΣΤΗΝ ΒΟΝΙΤΣΑ
ΠΝΙΓΗΚΕ 4ΧΡΟΝΟ ΚΟΡΙΤΣΑΚΙ

Lorem ipsum dolor sit amet, consectetur adipiscing elit, sed do eiusmod tempor incididunt ut labore et dolore magna aliqua. Ut enim ad minim veniam, quis nostrud exercitation ullamco laboris nisi ut aliquip ex ea commodo consequat. Duis aute irure dolor in reprehenderit in voluptate velit esse cillum dolore eu fugiat nulla pariatur.

Lorem ipsum dolor sit amet, consectetur adipiscing elit, sed do eiusmod tempor incididunt ut labore et dolore magna aliqua. Ut enim ad minim veniam, quis nostrud exercitation ullamco laboris nisi ut aliquip ex ea commodo consequat. Duis aute irure dolor in reprehenderit in voluptate velit esse cillum dolore eu fugiat nulla pariatur. Lorem ipsum dolor sit amet, consectetur adipiscing elit, sed do eiusmod tempor incididunt ut labore et dolore magna aliqua. Ut enim ad minim veniam, quis nostrud exercitation ullam

15-16 ΧΡΟΝΩΝ
ΤΕΣΣΕΡΙΣ ΝΕΑΡΟΙ ΚΑΤΕΚΛΕΨΑΝ ΤΟΝ ΠΕΙΡΑΙΑ
ΠΡΑΓΜΑΤΟΠΟΙΗΣΑΝ 37 «ΕΠΙΧΕΙΡΗΣΕΙΣ»

Lorem ipsum dolor sit amet, consectetur adipiscing elit, sed do eiusmod tempor incididunt ut labore et dolore magna aliqua. Ut enim ad minim veniam, quis nostrud exercitation ullamco laboris nisi ut aliquip ex ea commodo consequat. Duis aute irure dolor in reprehenderit in voluptate velit esse cillum dolore eu fugiat nulla pariatur.

Lorem ipsum dolor sit amet, consectetur adipiscing elit, sed do eiusmod tempor incididunt ut labore et dolore magna aliqua. Ut enim ad minim veniam, quis nostrud exercitation ullamco laboris nisi ut aliquip ex ea commodo consequat. Duis aute irure dolor in reprehenderit in voluptate velit esse cillum dolore eu fugiat nulla pariatur. Lorem ipsum dolor sit amet, consectetur adipiscing elit, sed do eiusmod tempor incididunt ut labore et dolore magna aliqua. Ut enim ad minim veniam, quis nostrud exercitation ullam

ΠΕΘΑΝΕ ΕΝΩ ΕΔΙΔΕ ΑΙΜΑ
ΚΑΡΔΙΟΠΑΘΗΣ ΑΓΡΟΦΥΛΑΚΑΣ

Lorem ipsum dolor sit amet, consectetur adipiscing elit, sed do eiusmod tempor incididunt ut labore et dolore magna aliqua. Ut enim ad minim veniam, quis nostrud exercitation ullamco laboris nisi ut aliquip ex ea commodo consequat. Duis aute irure dolor in reprehenderit in voluptate velit esse cillum dolore eu fugiat nulla pariatur.

ΟΙ ΟΡΟΙ ΚΑΙ ΠΡΟ-Υ-ΠΟΘΕΣΕΙΣ ΓΙΑ ΤΗΝ ΙΔΡΥΣΗ ΚΑΙ ΛΕΙΤΟΥΡΓΙΑ ΣΤΑΘΜΩΝ ΑΥΤΟΚΙΝΗΤΩΝ

Lorem ipsum dolor sit amet, consectetur adipiscing elit, sed do eiusmod tempor incididunt ut labore et dolore magna aliqua. Ut enim ad minim veniam, quis nostrud exercitation ullamco laboris nisi ut aliquip ex ea commodo consequat. Duis aute irure dolor in reprehenderit in voluptate velit esse cillum dolore eu fugiat nulla pariatur. Lorem ipsum dolor sit amet, consectetur adipiscing elit, sed do eiusmod tempor incididunt ut labore et dolore magna aliqua. Ut enim ad minim veniam, quis nostrud exercitation ullam

Ο ΓΕΩΠΟΝΙΚΟΣ ΣΥΛΛΟΓΟΣ ΚΑΤΑΓΓΕΛΛΕΙ ΤΗΝ ΔΙΟΙΚΗΣΗ ΤΗΣ ΑΤΕ

Lorem ipsum dolor sit amet, consectetur adipiscing elit, sed do eiusmod tempor incididunt ut labore et dolore magna aliqua. Ut enim ad minim veniam, quis nostrud exercitation ullamco laboris nisi ut aliquip ex ea commodo consequat. Duis aute irure dolor in reprehenderit in voluptate velit esse cillum dolore eu fugiat nulla pariatur.

ΕΙΣΦΟΡΑ ΑΓΡΟΤΩΝ ΓΙΑ ΤΙΣ ΕΝΟΠΛΕΣ ΔΥΝΑΜΕΙΣ

Lorem ipsum dolor sit amet, consectetur adipiscing elit, sed do eiusmod tempor incididunt ut labore et dolore magna aliqua. Ut enim ad minim veniam, quis nostrud exercitation ullamco laboris nisi ut aliquip ex ea commodo consequat. Duis aute irure dolor in reprehenderit in voluptate velit esse cillum dolore eu fugiat nulla pariatur. Lorem ipsum dolor sit amet, consectetur adipiscing elit, sed do eiusmod tempor incididunt ut labore et dolore magna aliqua. Ut enim ad minim veniam, quis nostrud exercitation ullam

ΑΠΑΓΟΡΕΥΘΗΚΕ Η ΚΥΚΛΟΦΟΡΙΑ ΙΔΙΟΣΚΕΥΑΣΜΑΤΟΣ

Lorem ipsum dolor sit amet, consectetur adipiscing elit, sed do eiusmod tempor incididunt ut labore et dolore magna aliqua. Ut enim ad minim veniam, quis nostrud exercitation ullamco laboris nisi ut aliquip ex ea commodo consequat. Duis aute irure dolor in reprehenderit in voluptate velit esse cillum dolore eu fugiat nulla pariatur.

ΕΥΧΑΡΙΣΤΕΙ ΤΟ ΑΜΕΡΙΚΑΝΙΚΟ ΠΡΟΞΕΝΕΙΟ

Lorem ipsum dolor sit amet, consectetur adipiscing elit, sed do eiusmod tempor incididunt ut labore et dolore magna aliqua. Ut enim ad minim veniam, quis nostrud exercitation ullamco laboris nisi ut aliquip ex ea commodo consequat. Duis aute irure dolor in reprehenderit in voluptate velit esse cillum dolore eu fugiat nulla pariatur. Lorem ipsum dolor sit amet, consectetur adipiscing elit, sed do eiusmod tempor incididunt ut labore et dolore magna aliqua. Ut enim ad minim veniam, quis nostrud exercitation ullam

ΜΙΣΘΟΛΟΓΙΚΗ ΠΡΟΑΓΩΓΗ ΙΑΤΡΙΚΟΥ ΠΡΟΣΩΠΙΚΟΥ ΤΟΥ ΜΑΙΕΥΤΗΡΙΟΥ

Lorem ipsum dolor sit amet, consectetur adipiscing elit, sed do eiusmod tempor incididunt ut labore et dolore magna aliqua. Ut enim ad minim veniam, quis nostrud exercitation ullamco laboris nisi ut aliquip ex ea commodo consequat. Duis aute irure dolor in reprehenderit in voluptate velit esse cillum dolore eu fugiat nulla pariatur.
